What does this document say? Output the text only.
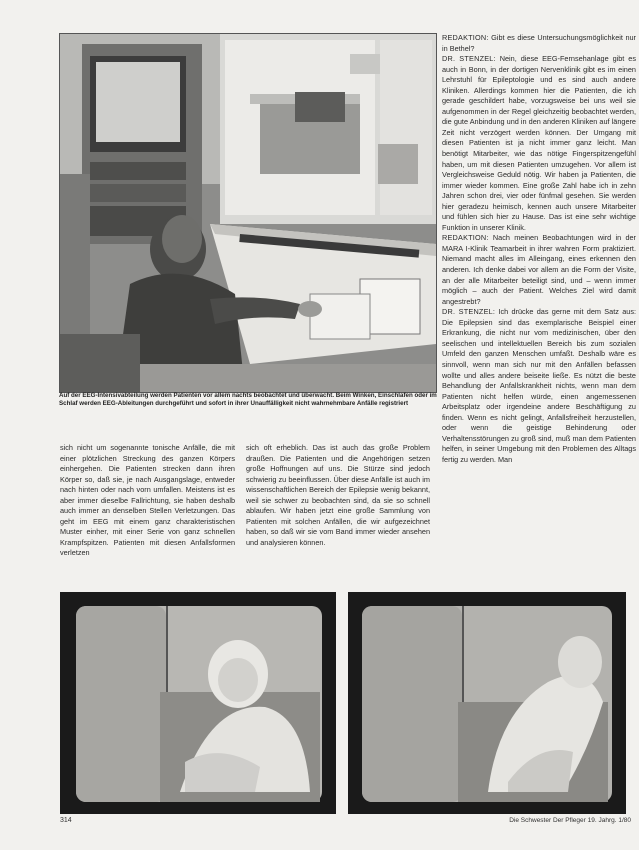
Auf der EEG-Intensivabteilung werden Patienten vor allem nachts beobachtet und überwacht. Beim Winken, Einschlafen oder im Schlaf werden EEG-Ableitungen durchgeführt und sofort in ihrer Unauffälligkeit nicht wahrnehmbare Anfälle registriert

sich nicht um sogenannte tonische Anfälle, die mit einer plötzlichen Streckung des ganzen Körpers einhergehen. Die Patienten strecken dann ihren Körper so, daß sie, je nach Ausgangslage, entweder nach hinten oder nach vorn umfallen. Meistens ist es aber immer dieselbe Fallrichtung, sie haben deshalb auch immer an denselben Stellen Verletzungen. Das geht im EEG mit einem ganz charakteristischen Muster einher, mit einer Serie von ganz schnellen Krampfspitzen. Patienten mit diesen Anfallsformen verletzen

sich oft erheblich. Das ist auch das große Problem draußen. Die Patienten und die Angehörigen setzen große Hoffnungen auf uns. Die Stürze sind jedoch schwierig zu beeinflussen. Über diese Anfälle ist auch im wissenschaftlichen Bereich der Epilepsie wenig bekannt, weil sie schwer zu beobachten sind, da sie so schnell ablaufen. Wir haben jetzt eine große Sammlung von Patienten mit solchen Anfällen, die wir aufgezeichnet haben, so daß wir sie vom Band immer wieder ansehen und analysieren können.

REDAKTION: Gibt es diese Untersuchungsmöglichkeit nur in Bethel?

DR. STENZEL: Nein, diese EEG-Fernsehanlage gibt es auch in Bonn, in der dortigen Nervenklinik gibt es im einen Lehrstuhl für Epileptologie und es sind auch andere Kliniken. Allerdings kommen hier die Patienten, die ich gerade geschildert habe, vorzugsweise bei uns weil sie aufgenommen in der Regel gleichzeitig beobachtet werden, die gute Anbindung und in den anderen Kliniken auf längere Zeit nicht verzögert werden können. Der Umgang mit diesen Patienten ist ja nicht immer ganz leicht. Man benötigt Mitarbeiter, wie das nötige Fingerspitzengefühl haben, um mit diesen Patienten umzugehen. Vor allem ist Vergleichsweise Geduld nötig. Wir haben ja Patienten, die immer wieder kommen. Eine große Zahl habe ich in zehn Jahren schon drei, vier oder fünfmal gesehen. Sie werden hier geradezu heimisch, kennen auch unsere Mitarbeiter und fühlen sich hier zu Hause. Das ist eine sehr wichtige Funktion in unserer Klinik.

REDAKTION: Nach meinen Beobachtungen wird in der MARA I-Klinik Teamarbeit in ihrer wahren Form praktiziert. Niemand macht alles im Alleingang, eines erkennen den anderen. Ich denke dabei vor allem an die Form der Visite, an der alle Mitarbeiter beteiligt sind, und – wenn immer möglich – auch der Patient. Welches Ziel wird damit angestrebt?

DR. STENZEL: Ich drücke das gerne mit dem Satz aus: Die Epilepsien sind das exemplarische Beispiel einer Erkrankung, die nicht nur vom medizinischen, über den seelischen und intellektuellen Bereich bis zum sozialen Umfeld den ganzen Menschen umfaßt. Deshalb wäre es sinnvoll, wenn man sich nur mit den Anfällen befassen wollte und alles andere beiseite ließe. Es nützt die beste Behandlung der Anfallskrankheit nichts, wenn man dem Patienten nicht helfen würde, einen angemessenen Arbeitsplatz oder irgendeine andere Beschäftigung zu finden. Wenn es nicht gelingt, Anfallsfreiheit herzustellen, oder wenn die geistige Behinderung oder Verhaltensstörungen zu groß sind, muß man dem Patienten helfen, in seiner Umgebung mit den Problemen des Alltags fertig zu werden. Man

314	Die Schwester Der Pfleger 19. Jahrg. 1/80
